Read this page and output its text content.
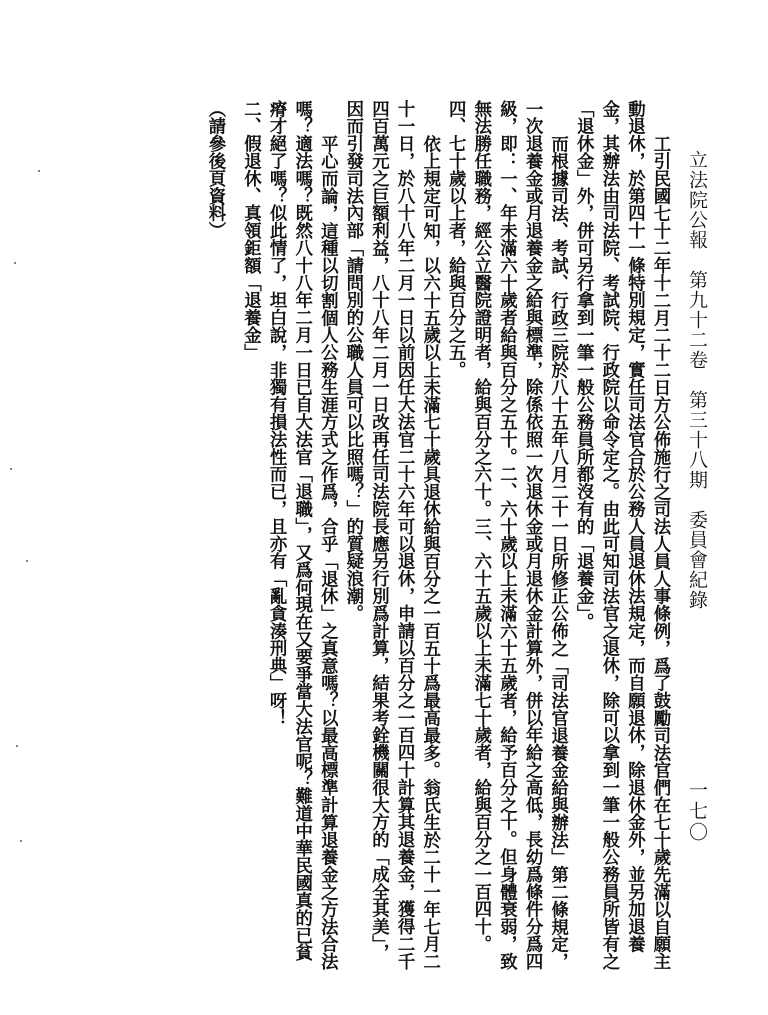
立法院公報　第九十二卷　第三十八期　委員會紀錄
一七〇

工引民國七十二年十二月二十二日方公佈施行之司法人員人事條例，爲了鼓勵司法官們在七十歲先滿以自願主動退休，於第四十一條特別規定，實任司法官合於公務人員退休法規定，而自願退休，除退休金外，並另加退養金，其辦法由司法院、考試院、行政院以命令定之。由此可知司法官之退休，除可以拿到一筆一般公務員所皆有之「退休金」外，併可另行拿到一筆一般公務員所都沒有的「退養金」。

而根據司法、考試、行政三院於八十五年八月二十一日所修正公佈之「司法官退養金給與辦法」第二條規定，一次退養金或月退養金之給與標準，除係依照一次退休金或月退休金計算外，併以年給之高低，長幼爲條件分爲四級，即：一、年未滿六十歲者給與百分之五十。二、六十歲以上未滿六十五歲者，給予百分之十。但身體衰弱，致無法勝任職務，經公立醫院證明者，給與百分之六十。三、六十五歲以上未滿七十歲者，給與百分之一百四十。四、七十歲以上者，給與百分之五。

依上規定可知，以六十五歲以上未滿七十歲具退休給與百分之一百五十爲最高最多。翁氏生於二十一年七月二十一日，於八十八年二月一日以前因任大法官二十六年可以退休，申請以百分之一百四十計算其退養金，獲得二千四百萬元之巨額利益，八十八年二月一日改再任司法院長應另行別爲計算，結果考銓機關很大方的「成全其美」，因而引發司法內部「請問別的公職人員可以比照嗎？」的質疑浪潮。

平心而論，這種以切割個人公務生涯方式之作爲，合乎「退休」之真意嗎？以最高標準計算退養金之方法合法嗎？適法嗎？既然八十八年二月一日已自大法官「退職」，又爲何現在又要爭當大法官呢？難道中華民國真的已貧瘠才絕了嗎？似此情了，坦白說，非獨有損法性而已，且亦有「亂貪湊刑典」呀！

二、假退休、真領鉅額「退養金」

（請參後頁資料）
